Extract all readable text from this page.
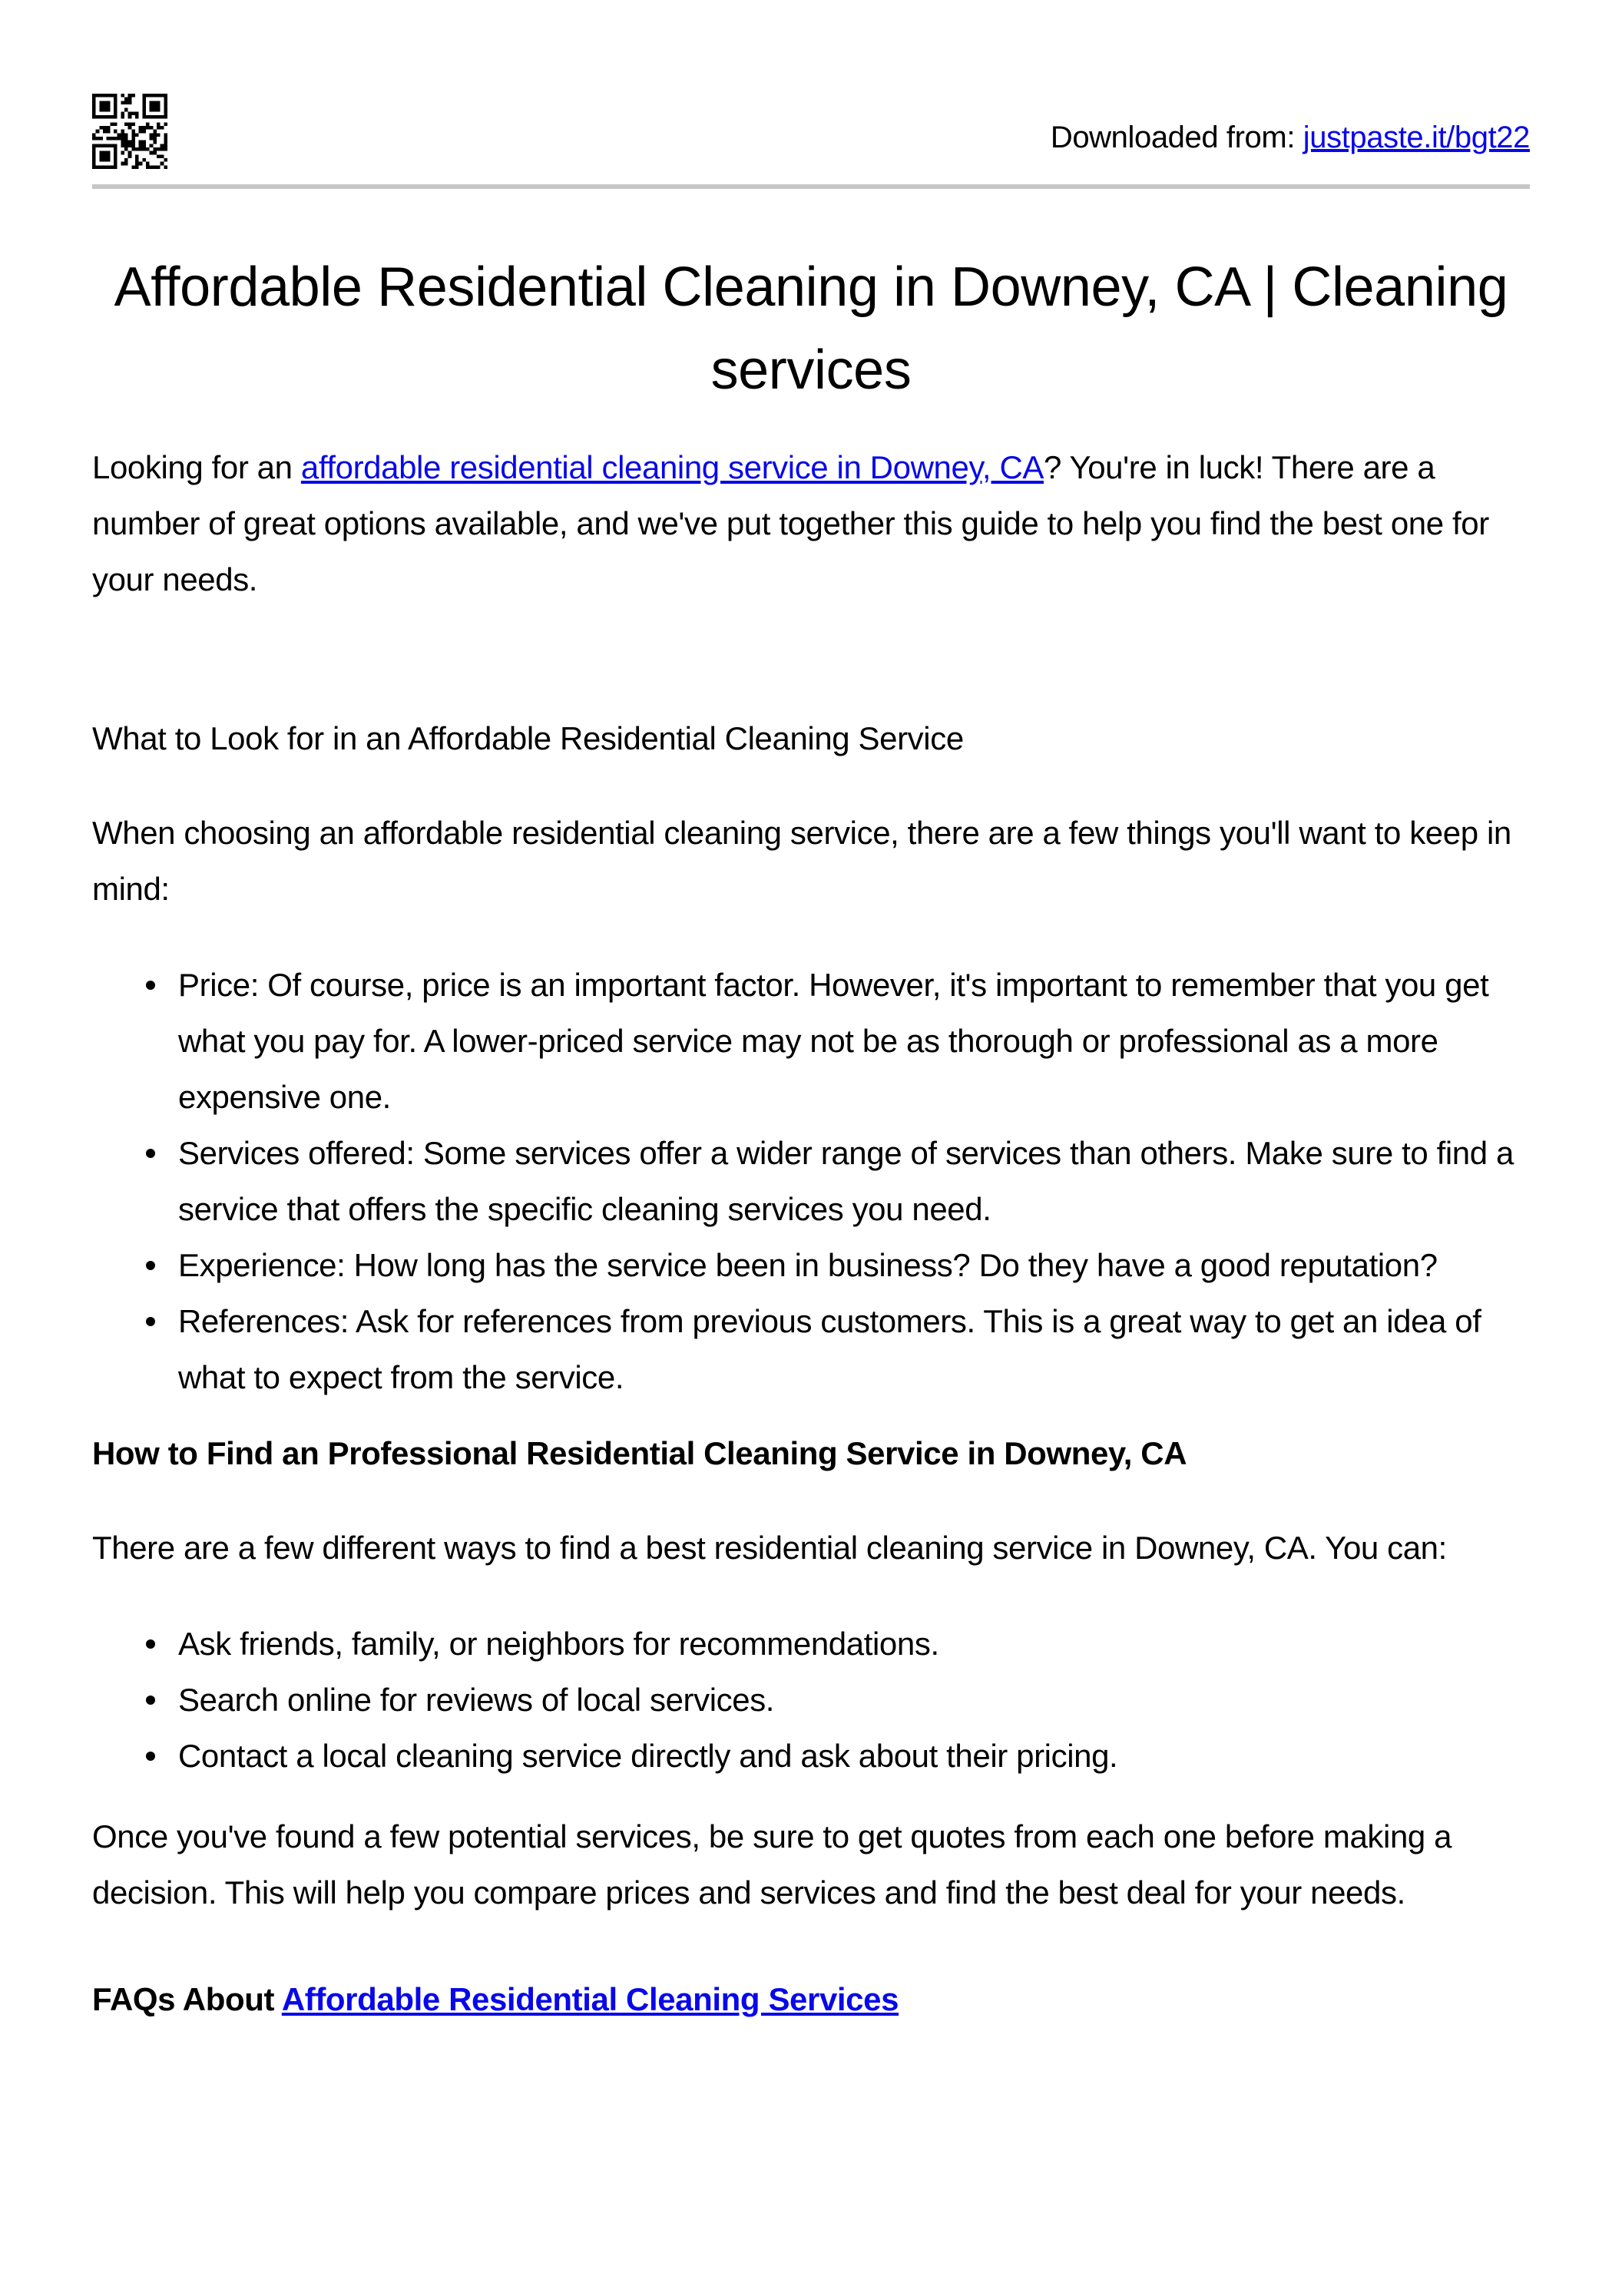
Downloaded from: justpaste.it/bgt22
Affordable Residential Cleaning in Downey, CA | Cleaning services

Looking for an affordable residential cleaning service in Downey, CA? You're in luck! There are a number of great options available, and we've put together this guide to help you find the best one for your needs.

What to Look for in an Affordable Residential Cleaning Service

When choosing an affordable residential cleaning service, there are a few things you'll want to keep in mind:

Price: Of course, price is an important factor. However, it's important to remember that you get what you pay for. A lower-priced service may not be as thorough or professional as a more expensive one.
Services offered: Some services offer a wider range of services than others. Make sure to find a service that offers the specific cleaning services you need.
Experience: How long has the service been in business? Do they have a good reputation?
References: Ask for references from previous customers. This is a great way to get an idea of what to expect from the service.
How to Find an Professional Residential Cleaning Service in Downey, CA

There are a few different ways to find a best residential cleaning service in Downey, CA. You can:

Ask friends, family, or neighbors for recommendations.
Search online for reviews of local services.
Contact a local cleaning service directly and ask about their pricing.

Once you've found a few potential services, be sure to get quotes from each one before making a decision. This will help you compare prices and services and find the best deal for your needs.

FAQs About Affordable Residential Cleaning Services
